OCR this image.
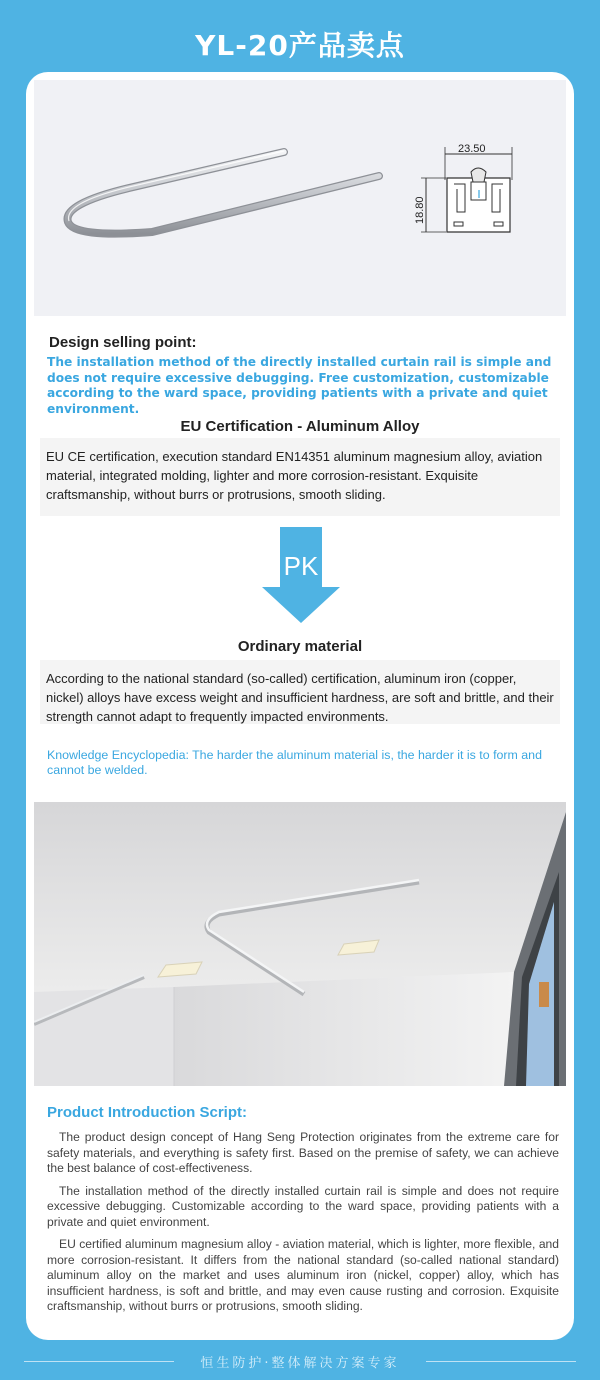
YL-20产品卖点
23.50
18.80
Design selling point:
The installation method of the directly installed curtain rail is simple and does not require excessive debugging. Free customization, customizable according to the ward space, providing patients with a private and quiet environment.
EU Certification - Aluminum Alloy
EU CE certification, execution standard EN14351 aluminum magnesium alloy, aviation material, integrated molding, lighter and more corrosion-resistant. Exquisite craftsmanship, without burrs or protrusions, smooth sliding.
PK
Ordinary material
According to the national standard (so-called) certification, aluminum iron (copper, nickel) alloys have excess weight and insufficient hardness, are soft and brittle, and their strength cannot adapt to frequently impacted environments.
Knowledge Encyclopedia: The harder the aluminum material is, the harder it is to form and cannot be welded.
Product Introduction Script:

The product design concept of Hang Seng Protection originates from the extreme care for safety materials, and everything is safety first. Based on the premise of safety, we can achieve the best balance of cost-effectiveness.

The installation method of the directly installed curtain rail is simple and does not require excessive debugging. Customizable according to the ward space, providing patients with a private and quiet environment.

EU certified aluminum magnesium alloy - aviation material, which is lighter, more flexible, and more corrosion-resistant. It differs from the national standard (so-called national standard) aluminum alloy on the market and uses aluminum iron (nickel, copper) alloy, which has insufficient hardness, is soft and brittle, and may even cause rusting and corrosion. Exquisite craftsmanship, without burrs or protrusions, smooth sliding.

恒生防护·整体解决方案专家
